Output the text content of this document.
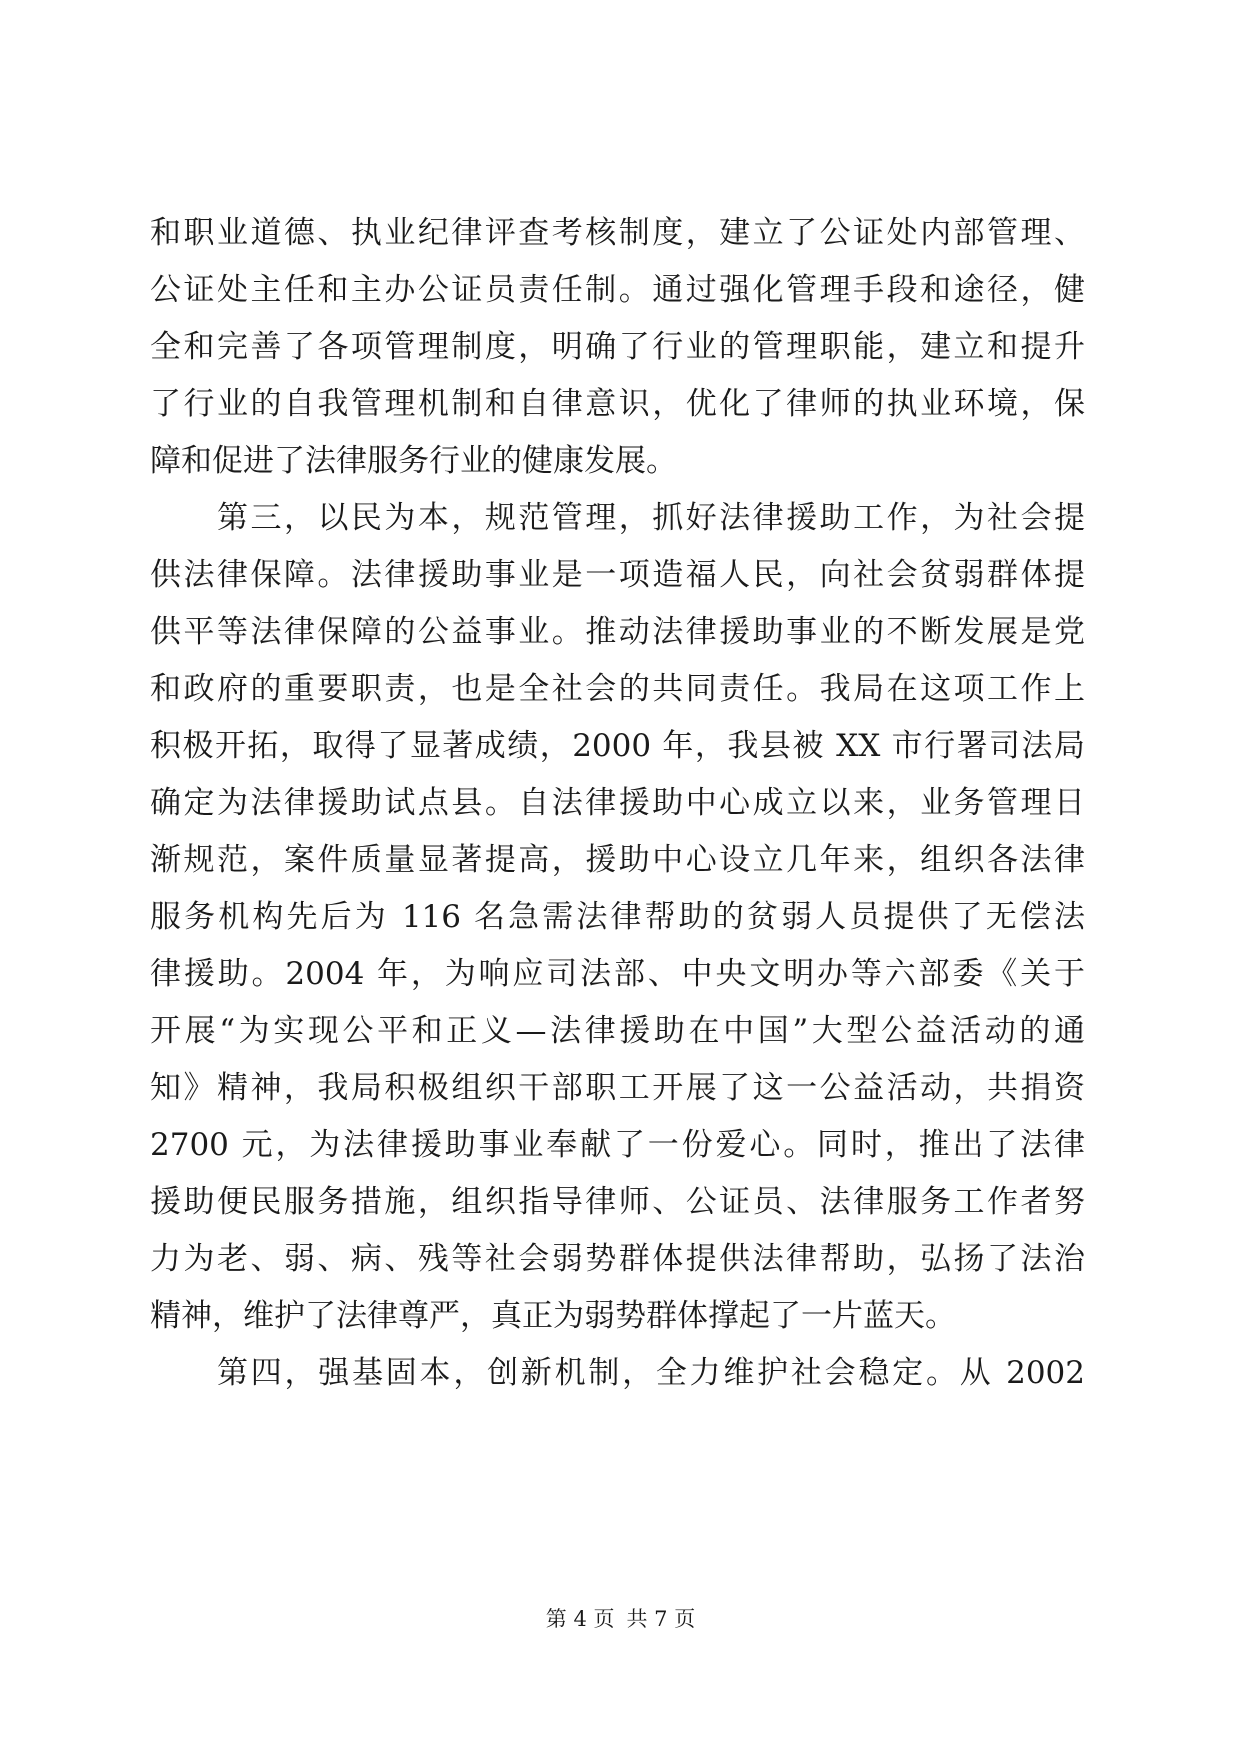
和职业道德、执业纪律评查考核制度，建立了公证处内部管理、
公证处主任和主办公证员责任制。通过强化管理手段和途径，健
全和完善了各项管理制度，明确了行业的管理职能，建立和提升
了行业的自我管理机制和自律意识，优化了律师的执业环境，保
障和促进了法律服务行业的健康发展。
第三，以民为本，规范管理，抓好法律援助工作，为社会提
供法律保障。法律援助事业是一项造福人民，向社会贫弱群体提
供平等法律保障的公益事业。推动法律援助事业的不断发展是党
和政府的重要职责，也是全社会的共同责任。我局在这项工作上
积极开拓，取得了显著成绩，2000 年，我县被 XX 市行署司法局
确定为法律援助试点县。自法律援助中心成立以来，业务管理日
渐规范，案件质量显著提高，援助中心设立几年来，组织各法律
服务机构先后为 116 名急需法律帮助的贫弱人员提供了无偿法
律援助。2004 年，为响应司法部、中央文明办等六部委《关于
开展“为实现公平和正义—法律援助在中国”大型公益活动的通
知》精神，我局积极组织干部职工开展了这一公益活动，共捐资
2700 元，为法律援助事业奉献了一份爱心。同时，推出了法律
援助便民服务措施，组织指导律师、公证员、法律服务工作者努
力为老、弱、病、残等社会弱势群体提供法律帮助，弘扬了法治
精神，维护了法律尊严，真正为弱势群体撑起了一片蓝天。
第四，强基固本，创新机制，全力维护社会稳定。从 2002
第 4 页 共 7 页
